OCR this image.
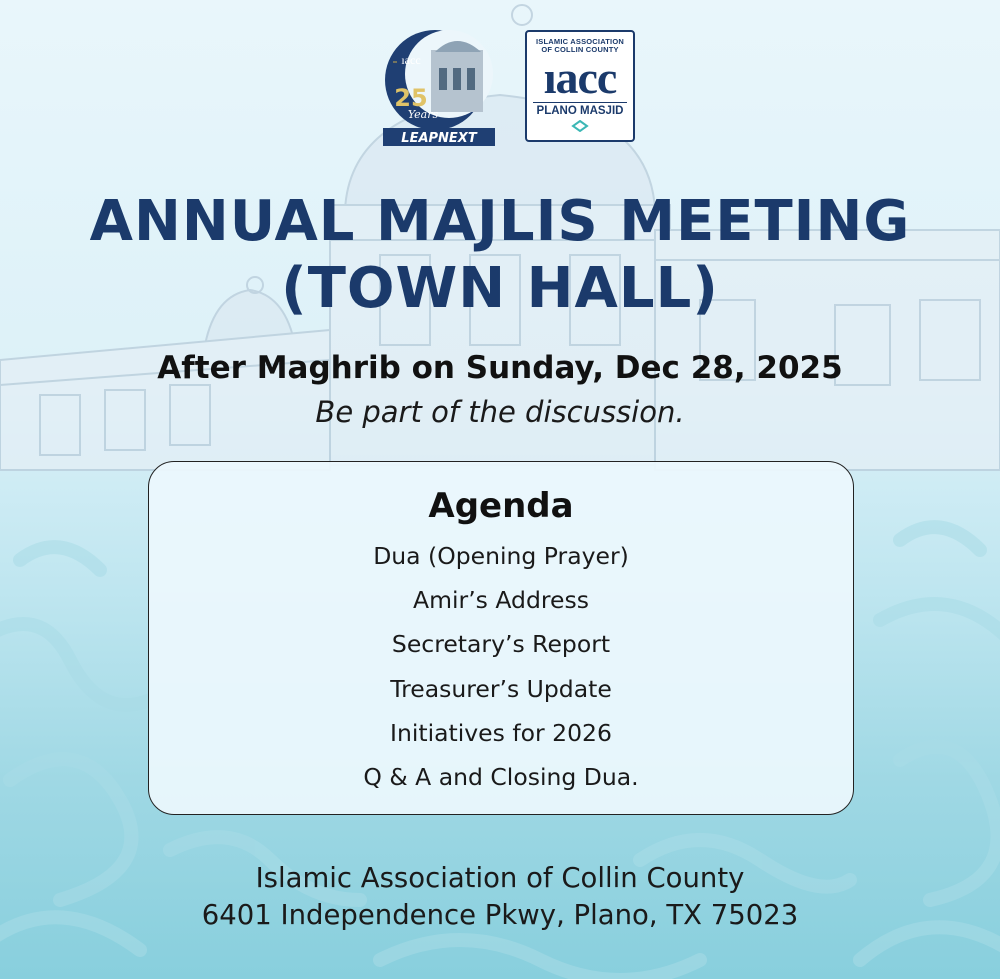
ıacc
25
Years
LEAPNEXT
ISLAMIC ASSOCIATION
OF COLLIN COUNTY
ıacc
PLANO MASJID
ANNUAL MAJLIS MEETING
(TOWN HALL)
After Maghrib on Sunday, Dec 28, 2025
Be part of the discussion.
Agenda
Dua (Opening Prayer)
Amir’s Address
Secretary’s Report
Treasurer’s Update
Initiatives for 2026
Q & A and Closing Dua.
Islamic Association of Collin County
6401 Independence Pkwy, Plano, TX 75023
